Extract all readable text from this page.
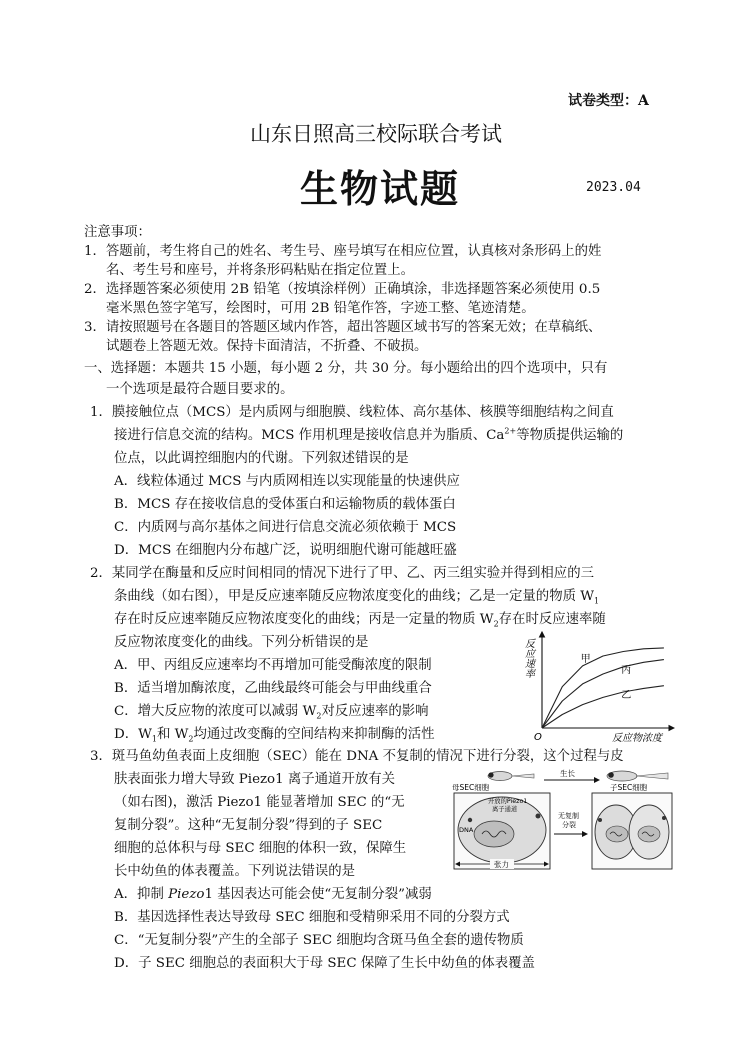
试卷类型：A
山东日照高三校际联合考试
生物试题	2023.04
注意事项：
1．答题前，考生将自己的姓名、考生号、座号填写在相应位置，认真核对条形码上的姓
名、考生号和座号，并将条形码粘贴在指定位置上。
2．选择题答案必须使用 2B 铅笔（按填涂样例）正确填涂，非选择题答案必须使用 0.5
毫米黑色签字笔写，绘图时，可用 2B 铅笔作答，字迹工整、笔迹清楚。
3．请按照题号在各题目的答题区域内作答，超出答题区域书写的答案无效；在草稿纸、
试题卷上答题无效。保持卡面清洁，不折叠、不破损。
一、选择题：本题共 15 小题，每小题 2 分，共 30 分。每小题给出的四个选项中，只有
一个选项是最符合题目要求的。
1．膜接触位点（MCS）是内质网与细胞膜、线粒体、高尔基体、核膜等细胞结构之间直
接进行信息交流的结构。MCS 作用机理是接收信息并为脂质、$Ca^{2+}$等物质提供运输的
位点，以此调控细胞内的代谢。下列叙述错误的是
A．线粒体通过 MCS 与内质网相连以实现能量的快速供应
B．MCS 存在接收信息的受体蛋白和运输物质的载体蛋白
C．内质网与高尔基体之间进行信息交流必须依赖于 MCS
D．MCS 在细胞内分布越广泛，说明细胞代谢可能越旺盛
2．某同学在酶量和反应时间相同的情况下进行了甲、乙、丙三组实验并得到相应的三
条曲线（如右图），甲是反应速率随反应物浓度变化的曲线；乙是一定量的物质 $W_1$
存在时反应速率随反应物浓度变化的曲线；丙是一定量的物质 $W_2$存在时反应速率随
反应物浓度变化的曲线。下列分析错误的是
A．甲、丙组反应速率均不再增加可能受酶浓度的限制
B．适当增加酶浓度，乙曲线最终可能会与甲曲线重合
C．增大反应物的浓度可以减弱 $W_2$对反应速率的影响
D．$W_1$和 $W_2$均通过改变酶的空间结构来抑制酶的活性
反应速率
O	反应物浓度
甲
丙
乙
3．斑马鱼幼鱼表面上皮细胞（SEC）能在 DNA 不复制的情况下进行分裂，这个过程与皮
肤表面张力增大导致 Piezo1 离子通道开放有关
（如右图)，激活 Piezo1 能显著增加 SEC 的“无
复制分裂”。这种“无复制分裂”得到的子 SEC
细胞的总体积与母 SEC 细胞的体积一致，保障生
长中幼鱼的体表覆盖。下列说法错误的是
A．抑制 Piezo1 基因表达可能会使“无复制分裂”减弱
B．基因选择性表达导致母 SEC 细胞和受精卵采用不同的分裂方式
C．“无复制分裂”产生的全部子 SEC 细胞均含斑马鱼全套的遗传物质
D．子 SEC 细胞总的表面积大于母 SEC 保障了生长中幼鱼的体表覆盖
生长
母SEC细胞	子SEC细胞
开放的Piezo1
离子通道
DNA
张力
无复制
分裂
